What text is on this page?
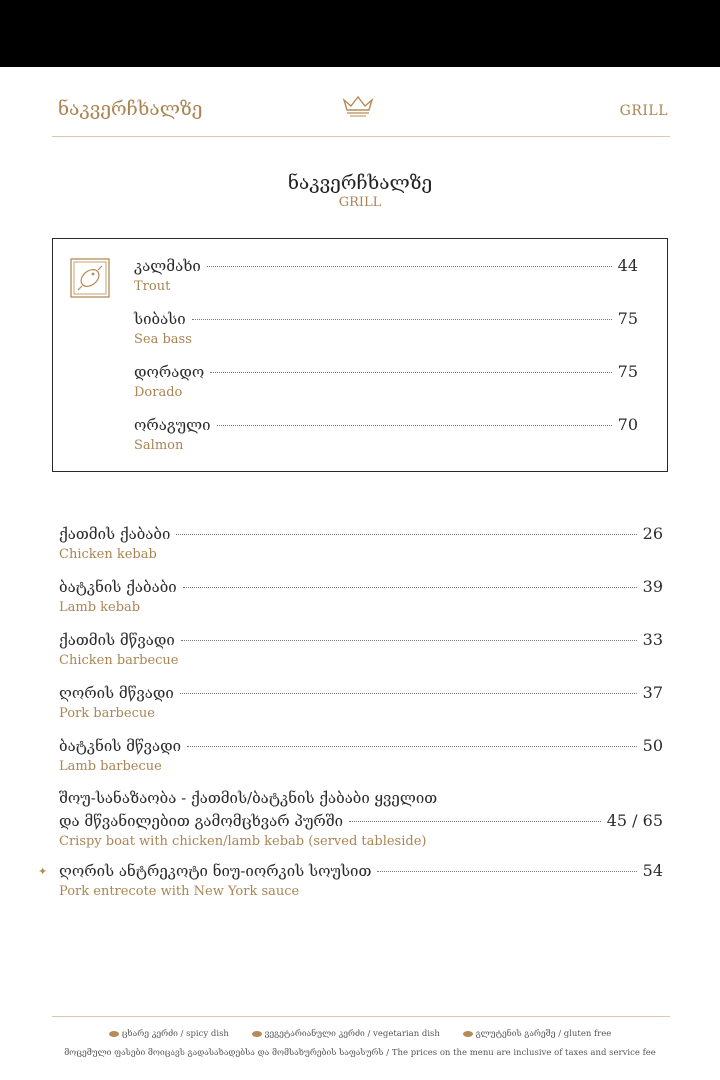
ნაკვერჩხალზე	GRILL
ნაკვერჩხალზე
GRILL
კალმახი	44
Trout
სიბასი	75
Sea bass
დორადო	75
Dorado
ორაგული	70
Salmon
ქათმის ქაბაბი	26
Chicken kebab
ბატკნის ქაბაბი	39
Lamb kebab
ქათმის მწვადი	33
Chicken barbecue
ღორის მწვადი	37
Pork barbecue
ბატკნის მწვადი	50
Lamb barbecue
შოუ-სანაზაობა - ქათმის/ბატკნის ქაბაბი ყველით
და მწვანილებით გამომცხვარ პურში	45 / 65
Crispy boat with chicken/lamb kebab (served tableside)
✦ ღორის ანტრეკოტი ნიუ-იორკის სოუსით	54
Pork entrecote with New York sauce
ცხარე კერძი / spicy dish	ვეგეტარიანული კერძი / vegetarian dish	გლუტენის გარეშე / gluten free
მოცემული ფასები მოიცავს გადასახადებსა და მომსახურების საფასურს / The prices on the menu are inclusive of taxes and service fee
